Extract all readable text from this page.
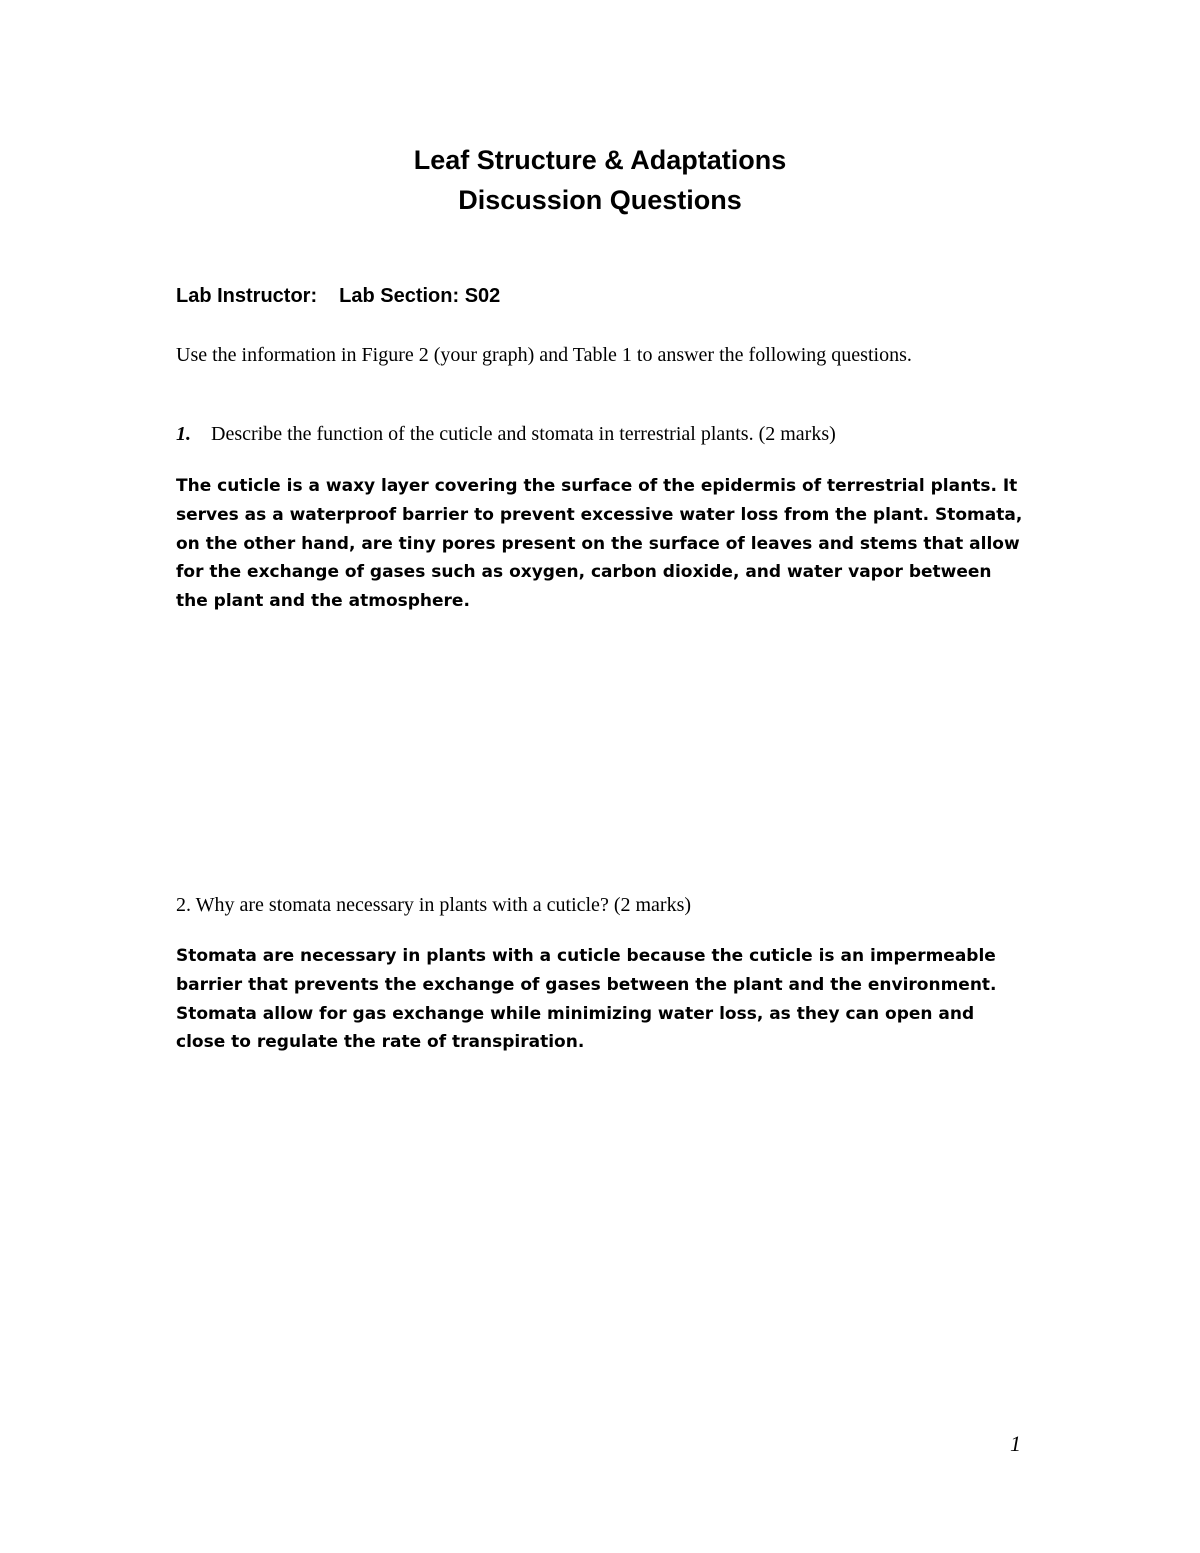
Leaf Structure & Adaptations
Discussion Questions
Lab Instructor: Lab Section: S02
Use the information in Figure 2 (your graph) and Table 1 to answer the following questions.
1. Describe the function of the cuticle and stomata in terrestrial plants. (2 marks)
The cuticle is a waxy layer covering the surface of the epidermis of terrestrial plants. It serves as a waterproof barrier to prevent excessive water loss from the plant. Stomata, on the other hand, are tiny pores present on the surface of leaves and stems that allow for the exchange of gases such as oxygen, carbon dioxide, and water vapor between the plant and the atmosphere.
2. Why are stomata necessary in plants with a cuticle? (2 marks)
Stomata are necessary in plants with a cuticle because the cuticle is an impermeable barrier that prevents the exchange of gases between the plant and the environment. Stomata allow for gas exchange while minimizing water loss, as they can open and close to regulate the rate of transpiration.
1
